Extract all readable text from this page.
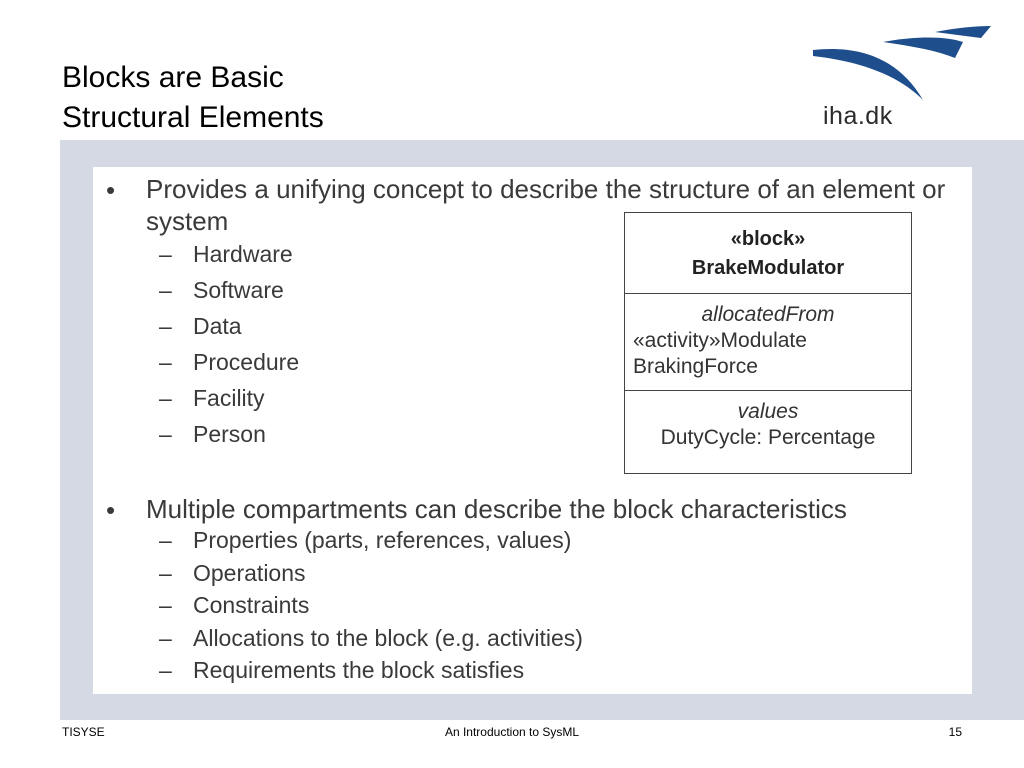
Blocks are Basic
Structural Elements	iha.dk
• Provides a unifying concept to describe the structure of an element or system
– Hardware
– Software
– Data
– Procedure
– Facility
– Person
• Multiple compartments can describe the block characteristics
– Properties (parts, references, values)
– Operations
– Constraints
– Allocations to the block (e.g. activities)
– Requirements the block satisfies
«block»
BrakeModulator
allocatedFrom
«activity»Modulate
BrakingForce
values
DutyCycle: Percentage
TISYSE	An Introduction to SysML	15
